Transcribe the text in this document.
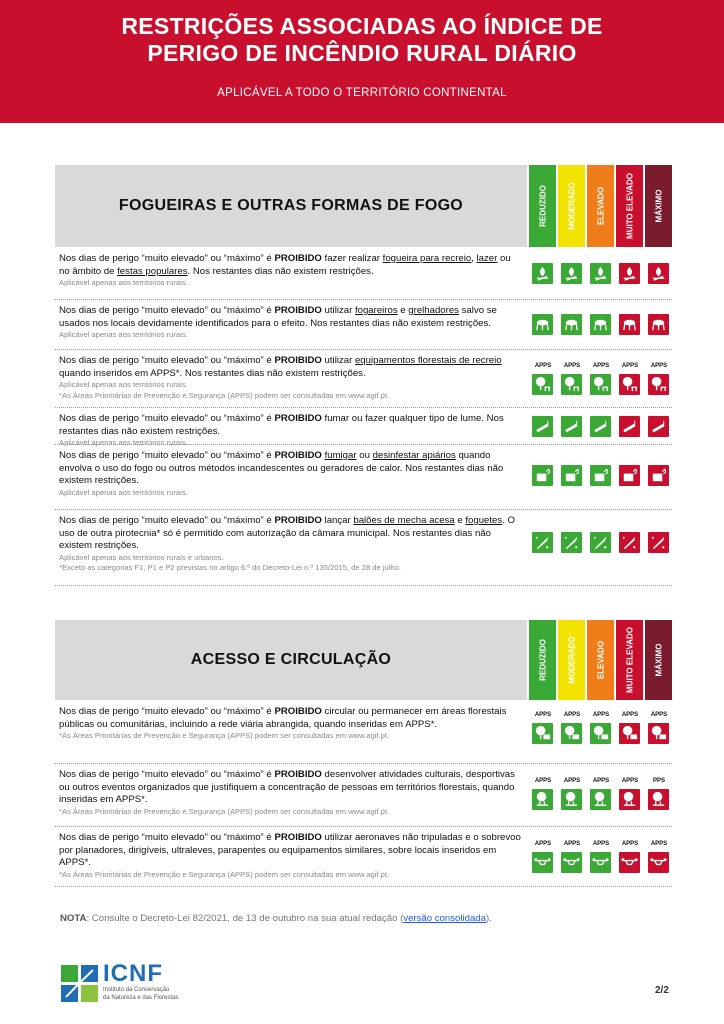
RESTRIÇÕES ASSOCIADAS AO ÍNDICE DE
PERIGO DE INCÊNDIO RURAL DIÁRIO
APLICÁVEL A TODO O TERRITÓRIO CONTINENTAL
FOGUEIRAS E OUTRAS FORMAS DE FOGO	REDUZIDO	MODERADO	ELEVADO	MUITO ELEVADO	MÁXIMO
Nos dias de perigo “muito elevado” ou “máximo” é PROIBIDO fazer realizar fogueira para recreio, lazer ou no âmbito de festas populares. Nos restantes dias não existem restrições.
Aplicável apenas aos territórios rurais.
Nos dias de perigo “muito elevado” ou “máximo” é PROIBIDO utilizar fogareiros e grelhadores salvo se usados nos locais devidamente identificados para o efeito. Nos restantes dias não existem restrições.
Aplicável apenas aos territórios rurais.
Nos dias de perigo “muito elevado” ou “máximo” é PROIBIDO utilizar equipamentos florestais de recreio quando inseridos em APPS*. Nos restantes dias não existem restrições.
Aplicável apenas aos territórios rurais.
*As Áreas Prioritárias de Prevenção e Segurança (APPS) podem ser consultadas em www.agif.pt.
APPS	APPS	APPS	APPS	APPS
Nos dias de perigo “muito elevado” ou “máximo” é PROIBIDO fumar ou fazer qualquer tipo de lume. Nos restantes dias não existem restrições.
Aplicável apenas aos territórios rurais.
Nos dias de perigo “muito elevado” ou “máximo” é PROIBIDO fumigar ou desinfestar apiários quando envolva o uso do fogo ou outros métodos incandescentes ou geradores de calor. Nos restantes dias não existem restrições.
Aplicável apenas aos territórios rurais.
Nos dias de perigo “muito elevado” ou “máximo” é PROIBIDO lançar balões de mecha acesa e foguetes. O uso de outra pirotecnia* só é permitido com autorização da câmara municipal. Nos restantes dias não existem restrições.
Aplicável apenas aos territórios rurais e urbanos.
*Exceto as categorias F1, P1 e P2 previstas no artigo 6.º do Decreto-Lei n.º 135/2015, de 28 de julho.
ACESSO E CIRCULAÇÃO	REDUZIDO	MODERADO	ELEVADO	MUITO ELEVADO	MÁXIMO
Nos dias de perigo “muito elevado” ou “máximo” é PROIBIDO circular ou permanecer em áreas florestais públicas ou comunitárias, incluindo a rede viária abrangida, quando inseridas em APPS*.
*As Áreas Prioritárias de Prevenção e Segurança (APPS) podem ser consultadas em www.agif.pt.
APPS	APPS	APPS	APPS	APPS
Nos dias de perigo “muito elevado” ou “máximo” é PROIBIDO desenvolver atividades culturais, desportivas ou outros eventos organizados que justifiquem a concentração de pessoas em territórios florestais, quando inseridas em APPS*.
*As Áreas Prioritárias de Prevenção e Segurança (APPS) podem ser consultadas em www.agif.pt.
APPS	APPS	APPS	APPS	PPS
Nos dias de perigo “muito elevado” ou “máximo” é PROIBIDO utilizar aeronaves não tripuladas e o sobrevoo por planadores, dirigíveis, ultraleves, parapentes ou equipamentos similares, sobre locais inseridos em APPS*.
*As Áreas Prioritárias de Prevenção e Segurança (APPS) podem ser consultadas em www.agif.pt.
APPS	APPS	APPS	APPS	APPS
NOTA: Consulte o Decreto-Lei 82/2021, de 13 de outubro na sua atual redação (versão consolidada).
ICNF
Instituto da Conservação
da Natureza e das Florestas
2/2
